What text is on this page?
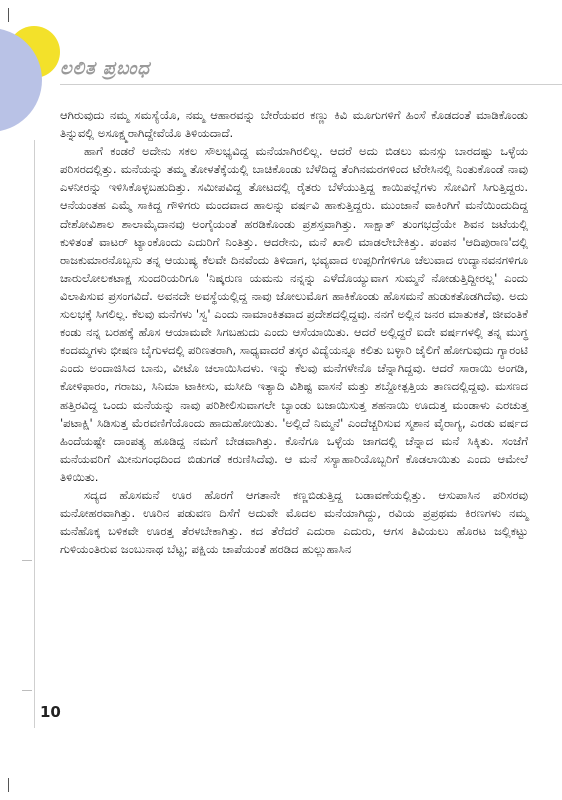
ಲಲಿತ ಪ್ರಬಂಧ

ಆಗಿರುವುದು ನಮ್ಮ ಸಮಸ್ಯೆಯೊ, ನಮ್ಮ ಆಹಾರವನ್ನು ಬೇರೆಯವರ ಕಣ್ಣು ಕಿವಿ ಮೂಗುಗಳಿಗೆ ಹಿಂಸೆ ಕೊಡದಂತೆ ಮಾಡಿಕೊಂಡು ತಿನ್ನುವಲ್ಲಿ ಅಸೂಕ್ಷ್ಮರಾಗಿದ್ದೇವೆಯೊ ತಿಳಿಯದಾದೆ.

ಹಾಗೆ ಕಂಡರೆ ಅದೇನು ಸಕಲ ಸೌಲಭ್ಯವಿದ್ದ ಮನೆಯಾಗಿರಲಿಲ್ಲ. ಆದರೆ ಅದು ಬಿಡಲು ಮನಸ್ಸು ಬಾರದಷ್ಟು ಒಳ್ಳೆಯ ಪರಿಸರದಲ್ಲಿತ್ತು. ಮನೆಯನ್ನು ತಮ್ಮ ತೋಳತೆಕ್ಕೆಯಲ್ಲಿ ಬಾಚಿಕೊಂಡು ಬೆಳೆದಿದ್ದ ತೆಂಗಿನಮರಗಳಿಂದ ಟೆರೇಸಿನಲ್ಲಿ ನಿಂತುಕೊಂಡೆ ನಾವು ಎಳನೀರನ್ನು ಇಳಿಸಿಕೊಳ್ಳಬಹುದಿತ್ತು. ಸಮೀಪವಿದ್ದ ತೋಟದಲ್ಲಿ ರೈತರು ಬೆಳೆಯುತ್ತಿದ್ದ ಕಾಯಿಪಲ್ಲೆಗಳು ಸೋವಿಗೆ ಸಿಗುತ್ತಿದ್ದರು. ಆನೆಯಂತಹ ಎಮ್ಮೆ ಸಾಕಿದ್ದ ಗೌಳಿಗರು ಮಂದವಾದ ಹಾಲನ್ನು ವರ್ಷವಿ ಹಾಕುತ್ತಿದ್ದರು. ಮುಂಜಾನೆ ವಾಕಿಂಗಿಗೆ ಮನೆಯಿಂದುದಿದ್ದ ದೇಶೋವಿಶಾಲ ಶಾಲಾಮೈದಾನವು ಅಂಗೈಯಂತೆ ಹರಡಿಕೊಂಡು ಪ್ರಶಸ್ತವಾಗಿತ್ತು. ಸಾಕ್ಷಾತ್ ತುಂಗಭದ್ರೆಯೇ ಶಿವನ ಜಟೆಯಲ್ಲಿ ಕುಳಿತಂತೆ ವಾಟರ್ ಟ್ಯಾಂಕೊಂದು ಎದುರಿಗೆ ನಿಂತಿತ್ತು. ಆದರೇನು, ಮನೆ ಖಾಲಿ ಮಾಡಲೇಬೇಕಿತ್ತು. ಪಂಪನ 'ಆದಿಪುರಾಣ'ದಲ್ಲಿ ರಾಜಕುಮಾರನೊಬ್ಬನು ತನ್ನ ಆಯುಷ್ಯ ಕೆಲವೇ ದಿನವೆಂದು ತಿಳಿದಾಗ, ಭವ್ಯವಾದ ಉಪ್ಪರಿಗೆಗಳಿಗೂ ಚೆಲುವಾದ ಉದ್ಯಾನವನಗಳಿಗೂ ಚಾರುಲೋಲಕಟಾಕ್ಷ ಸುಂದರಿಯರಿಗೂ 'ನಿಷ್ಕರುಣ ಯಮನು ನನ್ನನ್ನು ಎಳೆದೊಯ್ಯುವಾಗ ಸುಮ್ಮನೆ ನೋಡುತ್ತಿದ್ದೀರಲ್ಲ' ಎಂದು ವಿಲಾಪಿಸುವ ಪ್ರಸಂಗವಿದೆ. ಅವನದೇ ಅವಸ್ಥೆಯಲ್ಲಿದ್ದ ನಾವು ಜೋಲುಮೊಗ ಹಾಕಿಕೊಂಡು ಹೊಸಮನೆ ಹುಡುಕತೊಡಗಿದೆವು. ಅದು ಸುಲಭಕ್ಕೆ ಸಿಗಲಿಲ್ಲ. ಕೆಲವು ಮನೆಗಳು 'ಸ್ವ' ಎಂದು ನಾಮಾಂಕಿತವಾದ ಪ್ರದೇಶದಲ್ಲಿದ್ದವು. ನನಗೆ ಅಲ್ಲಿನ ಜನರ ಮಾತುಕತೆ, ಜೀವಂತಿಕೆ ಕಂಡು ನನ್ನ ಬರಹಕ್ಕೆ ಹೊಸ ಆಯಾಮವೇ ಸಿಗಬಹುದು ಎಂದು ಆಸೆಯಾಯಿತು. ಆದರೆ ಅಲ್ಲಿದ್ದರೆ ಐದೇ ವರ್ಷಗಳಲ್ಲಿ ತನ್ನ ಮುಗ್ಧ ಕಂದಮ್ಮಗಳು ಭೀಷಣ ಬೈಗುಳದಲ್ಲಿ ಪರಿಣತರಾಗಿ, ಸಾಧ್ಯವಾದರೆ ತಸ್ಕರ ವಿದ್ಯೆಯನ್ನೂ ಕಲಿತು ಬಳ್ಳಾರಿ ಜೈಲಿಗೆ ಹೋಗುವುದು ಗ್ಯಾರಂಟಿ ಎಂದು ಅಂದಾಜಿಸಿದ ಬಾನು, ವೀಟೊ ಚಲಾಯಿಸಿದಳು. ಇನ್ನು ಕೆಲವು ಮನೆಗಳೇನೊ ಚೆನ್ನಾಗಿದ್ದವು. ಆದರೆ ಸಾರಾಯಿ ಅಂಗಡಿ, ಕೋಳಿಫಾರಂ, ಗರಾಜು, ಸಿನಿಮಾ ಟಾಕೀಸು, ಮಸೀದಿ ಇತ್ಯಾದಿ ವಿಶಿಷ್ಟ ವಾಸನೆ ಮತ್ತು ಶಬ್ದೋತ್ಪತ್ತಿಯ ತಾಣದಲ್ಲಿದ್ದವು. ಮಸಣದ ಹತ್ತಿರವಿದ್ದ ಒಂದು ಮನೆಯನ್ನು ನಾವು ಪರಿಶೀಲಿಸುವಾಗಲೇ ಬ್ಯಾಂಡು ಬಜಾಯಿಸುತ್ತ ಶಹನಾಯಿ ಊದುತ್ತ ಮಂಡಾಳು ಎರಚುತ್ತ 'ಪಟಾಕ್ಷಿ' ಸಿಡಿಸುತ್ತ ಮೆರವಣಿಗೆಯೊಂದು ಹಾದುಹೋಯಿತು. 'ಅಲ್ಲಿದೆ ನಿಮ್ಮನೆ' ಎಂದೆಚ್ಚರಿಸುವ ಸ್ಮಶಾನ ವೈರಾಗ್ಯ, ಎರಡು ವರ್ಷದ ಹಿಂದೆಯಷ್ಟೇ ದಾಂಪತ್ಯ ಹೂಡಿದ್ದ ನಮಗೆ ಬೇಡವಾಗಿತ್ತು. ಕೊನೆಗೂ ಒಳ್ಳೆಯ ಜಾಗದಲ್ಲಿ ಚೆನ್ನಾದ ಮನೆ ಸಿಕ್ಕಿತು. ಸಂಜೆಗೆ ಮನೆಯವರಿಗೆ ಮೀನುಗಂಧದಿಂದ ಬಿಡುಗಡೆ ಕರುಣಿಸಿದೆವು. ಆ ಮನೆ ಸಸ್ಯಾಹಾರಿಯೊಬ್ಬರಿಗೆ ಕೊಡಲಾಯಿತು ಎಂದು ಆಮೇಲೆ ತಿಳಿಯಿತು.

ಸದ್ಯದ ಹೊಸಮನೆ ಊರ ಹೊರಗೆ ಆಗತಾನೇ ಕಣ್ಣಬಿಡುತ್ತಿದ್ದ ಬಡಾವಣೆಯಲ್ಲಿತ್ತು. ಆಸುಪಾಸಿನ ಪರಿಸರವು ಮನೋಹರವಾಗಿತ್ತು. ಊರಿನ ಪಡುವಣ ದಿಸೆಗೆ ಅದುವೇ ಮೊದಲ ಮನೆಯಾಗಿದ್ದು, ರವಿಯ ಪ್ರಪ್ರಥಮ ಕಿರಣಗಳು ನಮ್ಮ ಮನೆಹೊಕ್ಕ ಬಳಿಕವೇ ಊರತ್ತ ತೆರಳಬೇಕಾಗಿತ್ತು. ಕದ ತೆರೆದರೆ ಎದುರಾ ಎದುರು, ಆಗಸ ತಿವಿಯಲು ಹೊರಟ ಜಲ್ಲಿಕಟ್ಟು ಗುಳಿಯಂತಿರುವ ಜಂಬುನಾಥ ಬೆಟ್ಟ; ಪಕ್ಷಿಯ ಚಾಪೆಯಂತೆ ಹರಡಿದ ಹುಲ್ಲುಹಾಸಿನ

10
